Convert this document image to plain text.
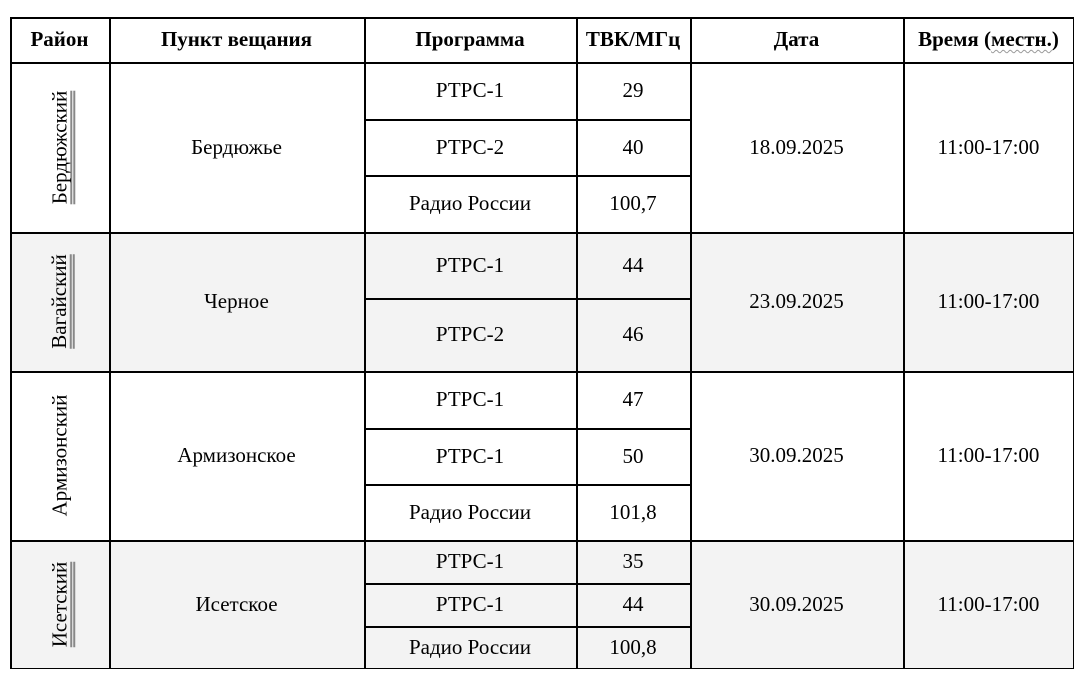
Район	Пункт вещания	Программа	ТВК/МГц	Дата	Время ( местн. )
Бердюжский	Бердюжье
РТРС-1	29
РТРС-2	40
Радио России	100,7
18.09.2025	11:00-17:00
Вагайский	Черное
РТРС-1	44
РТРС-2	46
23.09.2025	11:00-17:00
Армизонский	Армизонское
РТРС-1	47
РТРС-1	50
Радио России	101,8
30.09.2025	11:00-17:00
Исетский	Исетское
РТРС-1	35
РТРС-1	44
Радио России	100,8
30.09.2025	11:00-17:00
